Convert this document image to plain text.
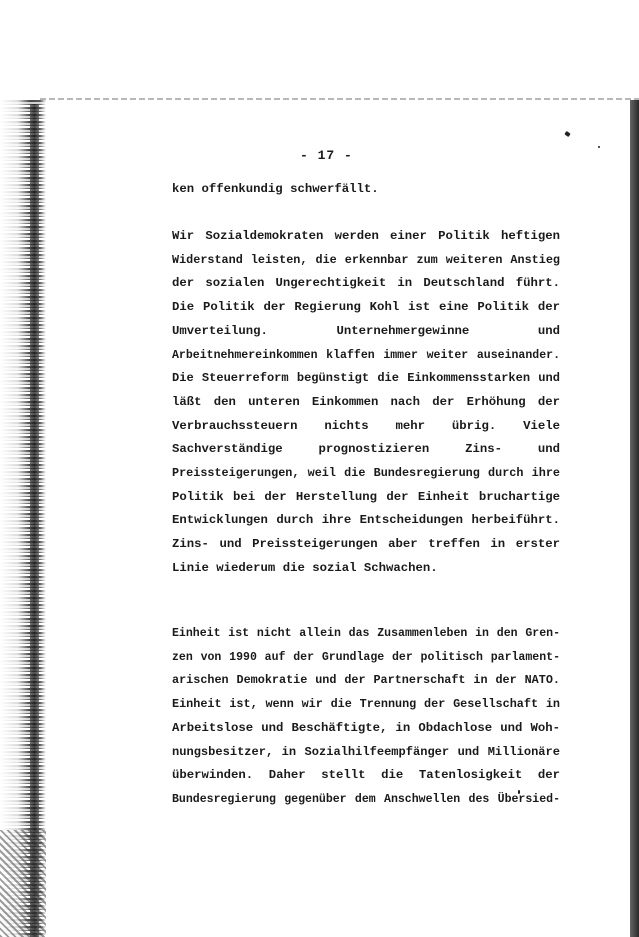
- 17 -
ken offenkundig schwerfällt.
Wir Sozialdemokraten werden einer Politik heftigen
Widerstand leisten, die erkennbar zum weiteren Anstieg
der sozialen Ungerechtigkeit in Deutschland führt.
Die Politik der Regierung Kohl ist eine Politik der
Umverteilung. Unternehmergewinne und
Arbeitnehmereinkommen klaffen immer weiter auseinander.
Die Steuerreform begünstigt die Einkommensstarken und
läßt den unteren Einkommen nach der Erhöhung der
Verbrauchssteuern nichts mehr übrig. Viele
Sachverständige prognostizieren Zins- und
Preissteigerungen, weil die Bundesregierung durch ihre
Politik bei der Herstellung der Einheit bruchartige
Entwicklungen durch ihre Entscheidungen herbeiführt.
Zins- und Preissteigerungen aber treffen in erster
Linie wiederum die sozial Schwachen.
Einheit ist nicht allein das Zusammenleben in den Gren-
zen von 1990 auf der Grundlage der politisch parlament-
arischen Demokratie und der Partnerschaft in der NATO.
Einheit ist, wenn wir die Trennung der Gesellschaft in
Arbeitslose und Beschäftigte, in Obdachlose und Woh-
nungsbesitzer, in Sozialhilfeempfänger und Millionäre
überwinden. Daher stellt die Tatenlosigkeit der
Bundesregierung gegenüber dem Anschwellen des Übersied-
